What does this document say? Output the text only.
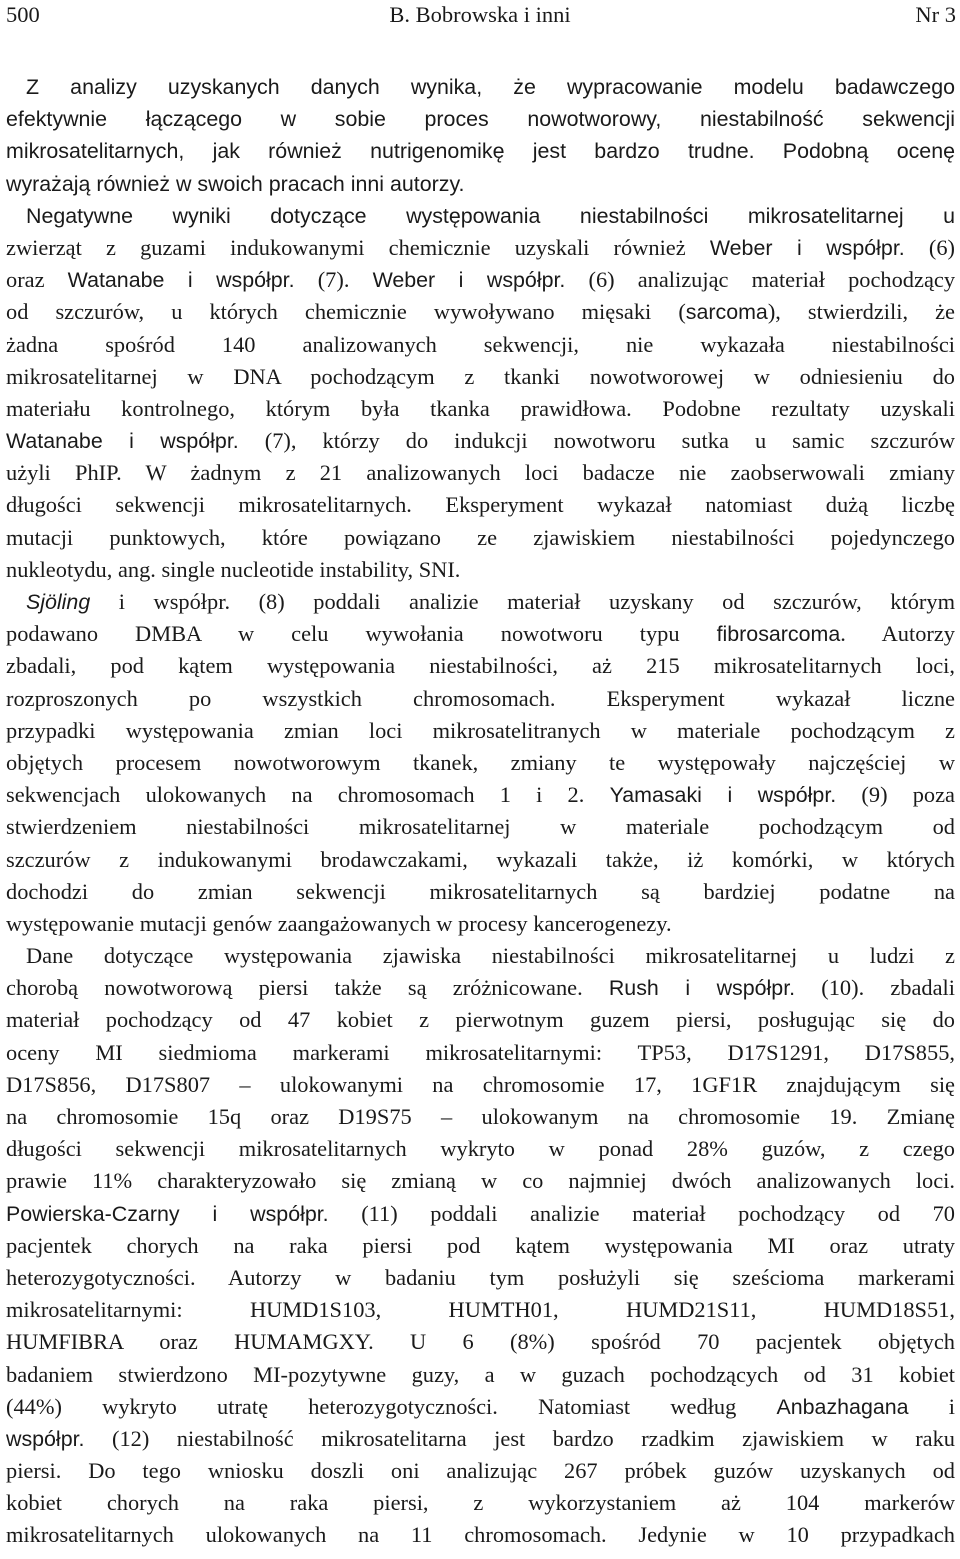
500	B. Bobrowska i inni	Nr 3
Z analizy uzyskanych danych wynika, że wypracowanie modelu badawczego
efektywnie łączącego w sobie proces nowotworowy, niestabilność sekwencji
mikrosatelitarnych, jak również nutrigenomikę jest bardzo trudne. Podobną ocenę
wyrażają również w swoich pracach inni autorzy.
Negatywne wyniki dotyczące występowania niestabilności mikrosatelitarnej u
zwierząt z guzami indukowanymi chemicznie uzyskali również Weber i współpr. (6)
oraz Watanabe i współpr. (7). Weber i współpr. (6) analizując materiał pochodzący
od szczurów, u których chemicznie wywoływano mięsaki (sarcoma), stwierdzili, że
żadna spośród 140 analizowanych sekwencji, nie wykazała niestabilności
mikrosatelitarnej w DNA pochodzącym z tkanki nowotworowej w odniesieniu do
materiału kontrolnego, którym była tkanka prawidłowa. Podobne rezultaty uzyskali
Watanabe i współpr. (7), którzy do indukcji nowotworu sutka u samic szczurów
użyli PhIP. W żadnym z 21 analizowanych loci badacze nie zaobserwowali zmiany
długości sekwencji mikrosatelitarnych. Eksperyment wykazał natomiast dużą liczbę
mutacji punktowych, które powiązano ze zjawiskiem niestabilności pojedynczego
nukleotydu, ang. single nucleotide instability, SNI.
Sjöling i współpr. (8) poddali analizie materiał uzyskany od szczurów, którym
podawano DMBA w celu wywołania nowotworu typu fibrosarcoma. Autorzy
zbadali, pod kątem występowania niestabilności, aż 215 mikrosatelitarnych loci,
rozproszonych po wszystkich chromosomach. Eksperyment wykazał liczne
przypadki występowania zmian loci mikrosatelitranych w materiale pochodzącym z
objętych procesem nowotworowym tkanek, zmiany te występowały najczęściej w
sekwencjach ulokowanych na chromosomach 1 i 2. Yamasaki i współpr. (9) poza
stwierdzeniem niestabilności mikrosatelitarnej w materiale pochodzącym od
szczurów z indukowanymi brodawczakami, wykazali także, iż komórki, w których
dochodzi do zmian sekwencji mikrosatelitarnych są bardziej podatne na
występowanie mutacji genów zaangażowanych w procesy kancerogenezy.
Dane dotyczące występowania zjawiska niestabilności mikrosatelitarnej u ludzi z
chorobą nowotworową piersi także są zróżnicowane. Rush i współpr. (10). zbadali
materiał pochodzący od 47 kobiet z pierwotnym guzem piersi, posługując się do
oceny MI siedmioma markerami mikrosatelitarnymi: TP53, D17S1291, D17S855,
D17S856, D17S807 – ulokowanymi na chromosomie 17, 1GF1R znajdującym się
na chromosomie 15q oraz D19S75 – ulokowanym na chromosomie 19. Zmianę
długości sekwencji mikrosatelitarnych wykryto w ponad 28% guzów, z czego
prawie 11% charakteryzowało się zmianą w co najmniej dwóch analizowanych loci.
Powierska-Czarny i współpr. (11) poddali analizie materiał pochodzący od 70
pacjentek chorych na raka piersi pod kątem występowania MI oraz utraty
heterozygotyczności. Autorzy w badaniu tym posłużyli się sześcioma markerami
mikrosatelitarnymi: HUMD1S103, HUMTH01, HUMD21S11, HUMD18S51,
HUMFIBRA oraz HUMAMGXY. U 6 (8%) spośród 70 pacjentek objętych
badaniem stwierdzono MI-pozytywne guzy, a w guzach pochodzących od 31 kobiet
(44%) wykryto utratę heterozygotyczności. Natomiast według Anbazhagana i
współpr. (12) niestabilność mikrosatelitarna jest bardzo rzadkim zjawiskiem w raku
piersi. Do tego wniosku doszli oni analizując 267 próbek guzów uzyskanych od
kobiet chorych na raka piersi, z wykorzystaniem aż 104 markerów
mikrosatelitarnych ulokowanych na 11 chromosomach. Jedynie w 10 przypadkach
